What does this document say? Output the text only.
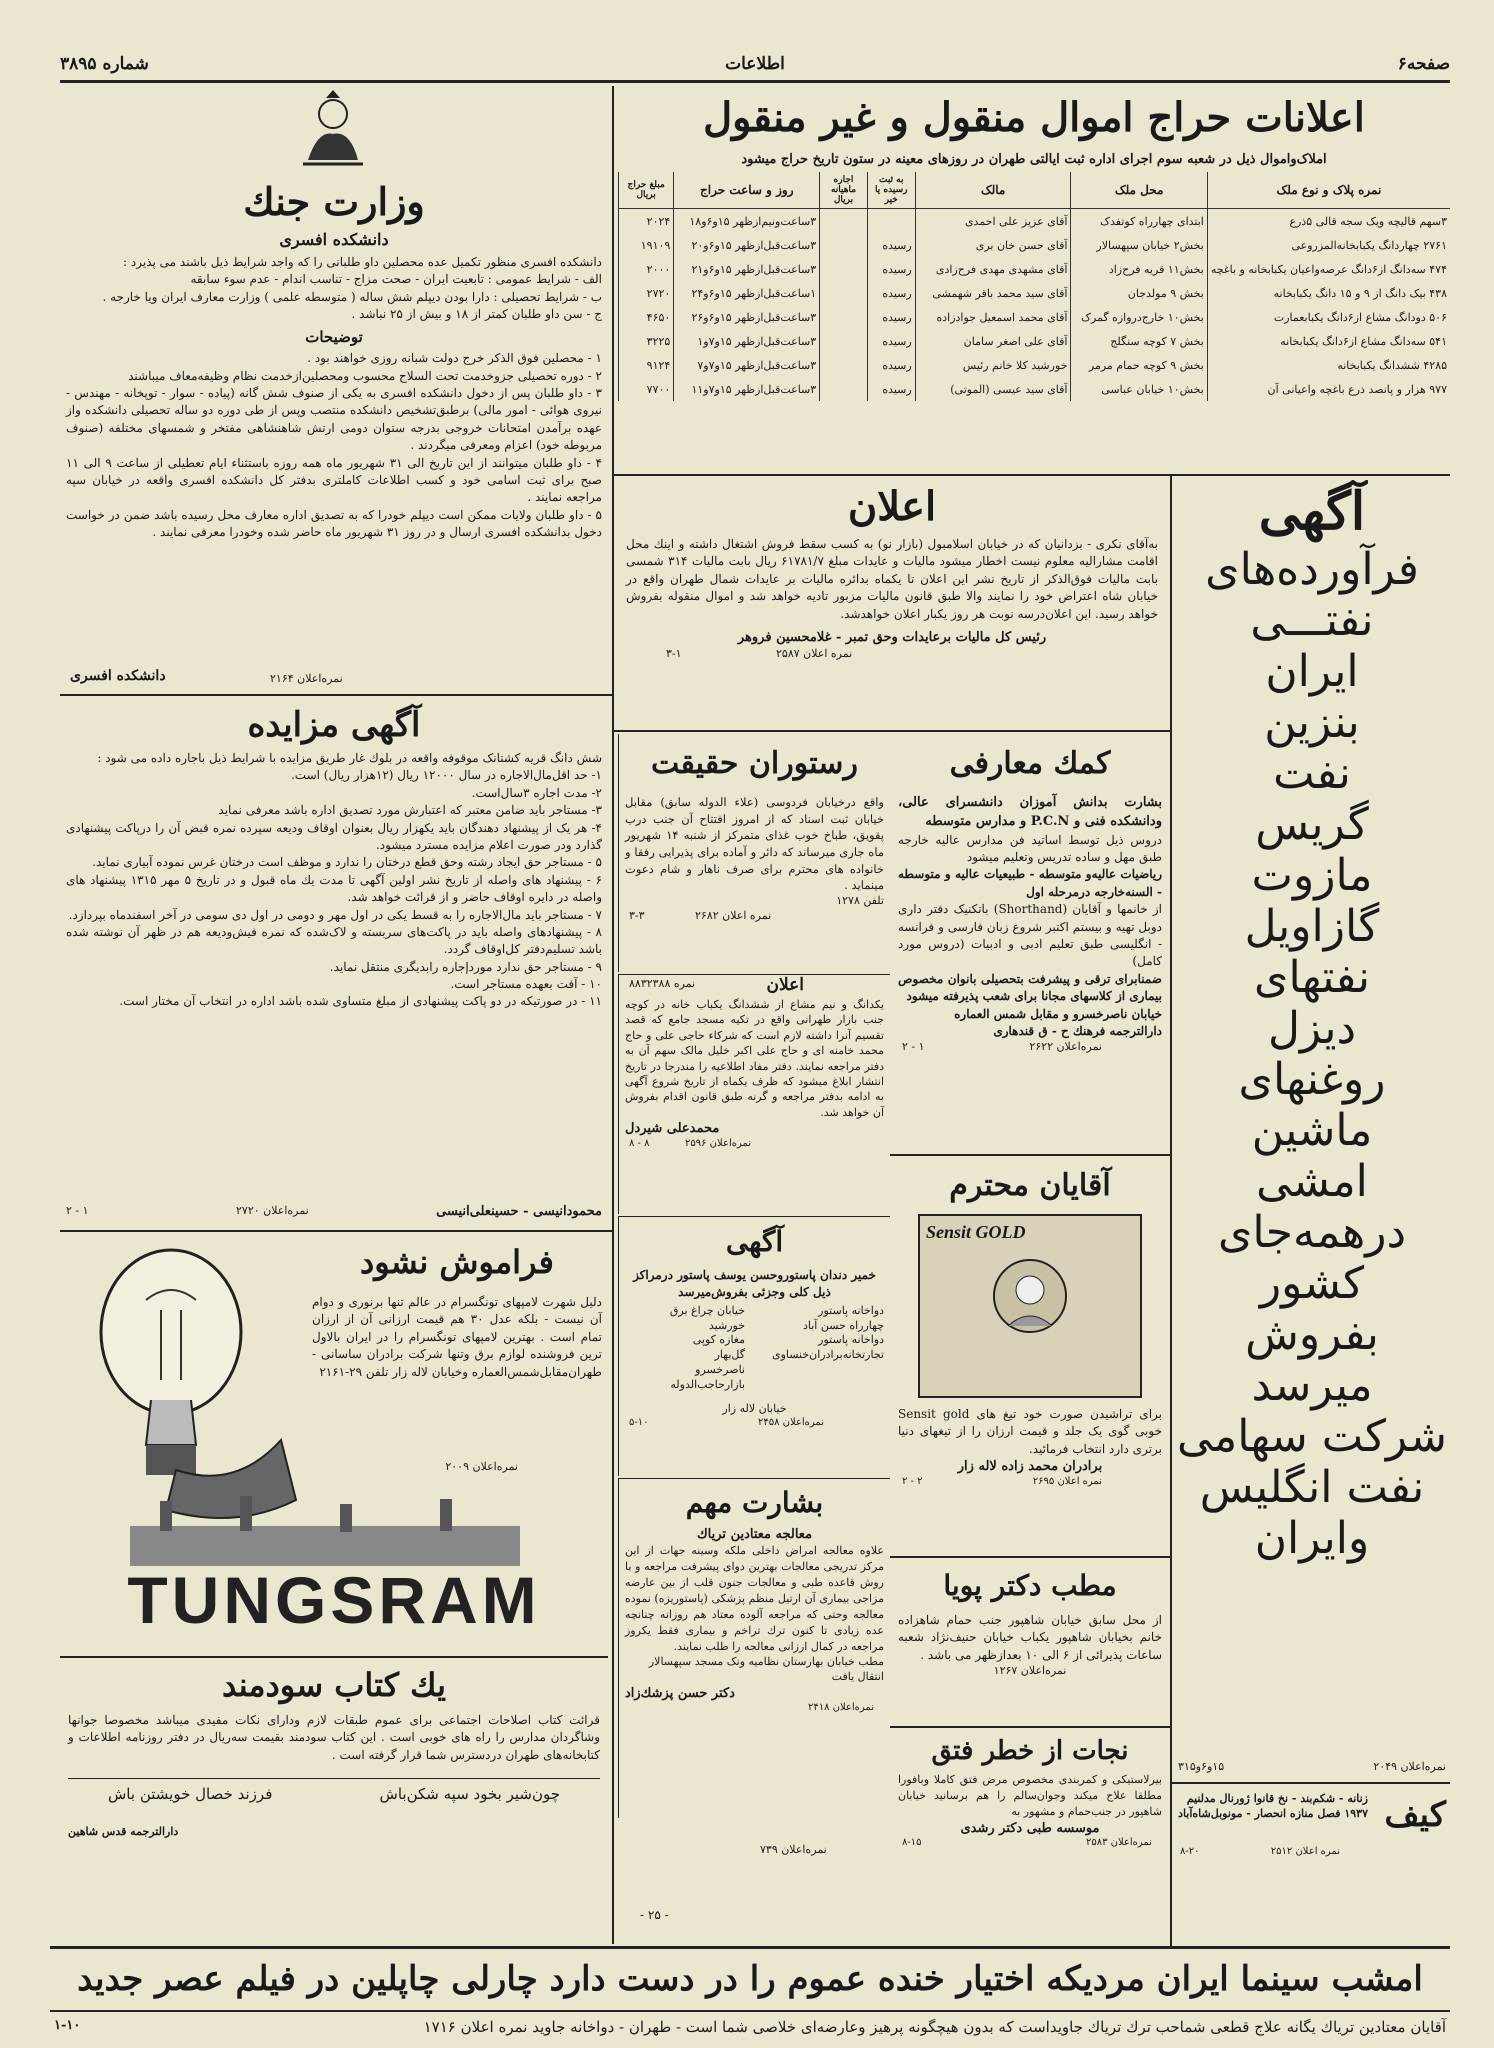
صفحه۶
اطلاعات
شماره ۳۸۹۵
اعلانات حراج اموال منقول و غیر منقول
املاک‌واموال ذیل در شعبه سوم اجرای اداره ثبت ایالتی طهران در روزهای معینه در ستون تاریخ حراج میشود
نمره پلاک و نوع ملک	محل ملک	مالک	به ثبت رسیده یا خیر	اجاره ماهیانه بریال	روز و ساعت حراج	مبلغ حراج بریال
۳سهم قالیچه ویک سجه قالی ۵ذرع	ابتدای چهارراه کوتفدک	آقای عزیز علی احمدی			۳ساعت‌ونیم‌ازظهر ۱۵و۶و۱۸	۲۰۲۴
۲۷۶۱ چهاردانگ یکبابخانه‌المزروعی	بخش۲ خیابان سپهسالار	آقای حسن خان بری	رسیده		۳ساعت‌قبل‌ازظهر ۱۵و۶و۲۰	۱۹۱۰۹
۴۷۴ سه‌دانگ از۶دانگ عرصه‌واعیان یکبابخانه و باغچه	بخش۱۱ قریه فرح‌زاد	آقای مشهدی مهدی فرح‌زادی	رسیده		۳ساعت‌قبل‌ازظهر ۱۵و۶و۲۱	۲۰۰۰
۴۳۸ بیک دانگ از ۹ و ۱۵ دانگ یکبابخانه	بخش ۹ مولدجان	آقای سید محمد باقر شهمشی	رسیده		۱ساعت‌قبل‌ازظهر ۱۵و۶و۲۴	۲۷۲۰
۵۰۶ دودانگ مشاع از۶دانگ یکبابعمارت	بخش۱۰ خارج‌دروازه گمرک	آقای محمد اسمعیل جوادزاده	رسیده		۳ساعت‌قبل‌ازظهر ۱۵و۶و۲۶	۴۶۵۰
۵۴۱ سه‌دانگ مشاع از۶دانگ یکبابخانه	بخش ۷ کوچه سنگلج	آقای علی اصغر سامان	رسیده		۳ساعت‌قبل‌ازظهر ۱۵و۷و۱	۳۲۲۵
۴۲۸۵ ششدانگ یکبابخانه	بخش ۹ کوچه حمام مرمر	خورشید کلا خانم رئیس	رسیده		۳ساعت‌قبل‌ازظهر ۱۵و۷و۷	۹۱۲۴
۹۷۷ هزار و پانصد ذرع باغچه واعیانی آن	بخش۱۰ خیابان عباسی	آقای سید عیسی (الموتی)	رسیده		۳ساعت‌قبل‌ازظهر ۱۵و۷و۱۱	۷۷۰۰
وزارت جنك
دانشکده افسری

دانشکده افسری منظور تکمیل عده محصلین داو طلبانی را که واجد شرایط ذیل باشند می پذیرد :

الف - شرایط عمومی : تابعیت ایران - صحت مزاج - تناسب اندام - عدم سوء سابقه

ب - شرایط تحصیلی : دارا بودن دیپلم شش ساله ( متوسطه علمی ) وزارت معارف ایران ویا خارجه .

ج - سن داو طلبان کمتر از ۱۸ و بیش از ۲۵ نباشد .

توضیحات

۱ - محصلین فوق الذکر خرج دولت شبانه روزی خواهند بود .

۲ - دوره تحصیلی جزوخدمت تحت السلاح محسوب ومحصلین‌ازخدمت نظام وظیفه‌معاف میباشند

۳ - داو طلبان پس از دخول دانشکده افسری به یکی از صنوف شش گانه (پیاده - سوار - توپخانه - مهندس - نیروی هوائی - امور مالی) برطبق‌تشخیص دانشکده منتصب وپس از طی دوره دو ساله تحصیلی دانشکده واز عهده برآمدن امتحانات خروجی بدرجه ستوان دومی ارتش شاهنشاهی مفتخر و شمسهای مختلفه (صنوف مربوطه خود) اعزام ومعرفی میگردند .

۴ - داو طلبان میتوانند از این تاریخ الی ۳۱ شهریور ماه همه روزه باستثناء ایام تعطیلی از ساعت ۹ الی ۱۱ صبح برای ثبت اسامی خود و کسب اطلاعات کاملتری بدفتر کل دانشکده افسری واقعه در خیابان سپه مراجعه نمایند .

۵ - داو طلبان ولایات ممکن است دیپلم خودرا که به تصدیق اداره معارف محل رسیده باشد ضمن در خواست دخول بدانشکده افسری ارسال و در روز ۳۱ شهریور ماه حاضر شده وخودرا معرفی نمایند .

نمره‌اعلان ۲۱۶۴
دانشکده افسری
آگهی مزایده

شش دانگ قریه کشتانک موقوفه واقعه در بلوك غار طریق مزایده با شرایط ذیل باجاره داده می شود :

۱- حد اقل‌مال‌الاجاره در سال ۱۲۰۰۰ ریال (۱۲هزار ریال) است.

۲- مدت اجاره ۳سال‌است.

۳- مستاجر باید ضامن معتبر که اعتبارش مورد تصدیق اداره باشد معرفی نماید

۴- هر یک از پیشنهاد دهندگان باید یکهزار ریال بعنوان اوقاف ودیعه سپرده نمره قبض آن را درپاکت پیشنهادی گذارد ودر صورت اعلام مزایده مسترد میشود.

۵ - مستاجر حق ایجاد رشته وحق قطع درختان را ندارد و موظف است درختان غرس نموده آبیاری نماید.

۶ - پیشنهاد های واصله از تاریخ نشر اولین آگهی تا مدت یك ماه قبول و در تاریخ ۵ مهر ۱۳۱۵ پیشنهاد های واصله در دایره اوقاف حاضر و از قرائت خواهد شد.

۷ - مستاجر باید مال‌الاجاره را به قسط یکی در اول مهر و دومی در اول دی سومی در آخر اسفندماه بپردازد.

۸ - پیشنهادهای واصله باید در پاکت‌های سربسته و لاک‌شده که نمره فیش‌ودیعه هم در ظهر آن نوشته شده باشد تسلیم‌دفتر کل‌اوقاف گردد.

۹ - مستاجر حق ندارد موردإجاره رابدیگری منتقل نماید.

۱۰ - آفت بعهده مستاجر است.

۱۱ - در صورتیکه در دو پاکت پیشنهادی از مبلغ متساوی شده باشد اداره در انتخاب آن مختار است.

۱ - ۲	نمره‌اعلان ۲۷۲۰	محمودانیسی - حسینعلی‌انیسی
فراموش نشود

دلیل شهرت لامپهای تونگسرام در عالم تنها برنوری و دوام آن نیست - بلکه عدل ۳۰ هم قیمت ارزانی آن از ارزان تمام است . بهترین لامپهای تونگسرام را در ایران بالاول ترین فروشنده لوازم برق وتنها شرکت برادران ساسانی - طهران‌مقابل‌شمس‌العماره وخیابان لاله زار تلفن ۲۹-۲۱۶۱

نمره‌اعلان ۲۰۰۹
TUNGSRAM
يك كتاب سودمند

قرائت کتاب اصلاحات اجتماعی برای عموم طبقات لازم ودارای نکات مفیدی میباشد مخصوصا جوانها وشاگردان مدارس را راه های خوبی است . این کتاب سودمند بقیمت سه‌ریال در دفتر روزنامه اطلاعات و کتابخانه‌های طهران دردسترس شما قرار گرفته است .

چون‌شیر بخود سپه شکن‌باش
فرزند خصال خویشتن باش

دارالترجمه قدس شاهین

اعلان

به‌آقای نکری - بزدانیان که در خیابان اسلامبول (بازار نو) به کسب سقط فروش اشتغال داشته و اینك محل‌ اقامت مشارالیه معلوم نیست اخطار میشود مالیات و عایدات مبلغ ۶۱۷۸۱/۷ ریال بابت مالیات ۳۱۴ شمسی بابت مالیات فوق‌الذکر از تاریخ نشر این اعلان تا یکماه بدائره مالیات بر عایدات شمال طهران واقع در خیابان شاه اعتراض خود را نمایند والا طبق قانون مالیات مزبور تادیه خواهد شد و اموال منقوله بفروش خواهد رسید. این اعلان‌درسه نوبت هر روز یکبار اعلان خواهدشد.

رئیس کل مالیات برعایدات وحق تمبر - غلامحسین فروهر

نمره اعلان ۲۵۸۷
۳-۱
آگهی

فرآورده‌های

نفتـــی

ایران

بنزین

نفت

گریس

مازوت

گازاویل

نفتهای

دیزل

روغنهای

ماشین

امشی

درهمه‌جای

کشور

بفروش

میرسد

شرکت سهامی

نفت انگلیس

وایران

نمره‌اعلان ۲۰۴۹
۱۵و۶و۳۱۵
کیف

زنانه - شکم‌بند - نخ قانوا ژورنال مدلنیم ۱۹۳۷ فصل منازه‌ انحصار - مونوبل‌شاه‌آباد

نمره اعلان ۲۵۱۲
۸-۲۰
رستوران حقیقت

واقع درخیابان فردوسی (علاء الدوله سابق) مقابل خیابان ثبت اسناد که از امروز افتتاح آن جنب درب پقویق، طباخ خوب‌ غذای متمرکز از شنبه ۱۴ شهریور ماه جاری میرساند که دائر و آماده برای پذیرایی رفقا و خانواده های محترم برای صرف ناهار و شام دعوت مینماید .

تلفن ۱۲۷۸

نمره اعلان ۲۶۸۲
۳-۳
کمك معارفی

بشارت بدانش آموزان دانشسرای عالی، ودانشکده فنی و P.C.N و مدارس متوسطه

دروس ذیل توسط اساتید فن مدارس عالیه خارجه طبق مهل و ساده تدریس وتعلیم میشود

ریاضیات عالیه‌و متوسطه - طبیعیات عالیه‌ و متوسطه - السنه‌خارجه‌ درمرحله اول

از خانمها و آقایان (Shorthand) باتکنیک دفتر داری دوبل تهیه و بیستم اکتبر شروع زبان فارسی و فرانسه - انگلیسی طبق تعلیم ادبی و ادبیات (دروس مورد کامل)

ضمنابرای ترقی و پیشرفت بتحصیلی بانوان مخصوص بیماری از کلاسهای مجانا برای شعب پذیرفته میشود

خیابان ناصرخسرو و مقابل شمس العماره

دارالترجمه فرهنك ح - ق قندهاری

نمره‌اعلان ۲۶۲۲
۱ - ۲
نمره‌ ۸۸۳۲۳۸۸	اعلان

یکدانگ و نیم مشاع از ششدانگ یکباب خانه در کوچه جنب بازار طهرانی واقع‌ در تکیه مسجد جامع که قصد تقسیم آنرا داشته لازم است که شرکاء حاجی علی و حاج محمد خامنه ای و حاج علی اکبر خلیل مالک سهم آن به دفتر مراجعه نمایند. دفتر مفاد اطلاعیه را مندرجا در تاریخ انتشار ابلاغ میشود که ظرف یکماه از تاریخ شروع آگهی به ادامه بدفتر مراجعه و گرنه طبق قانون اقدام بفروش آن خواهد شد.

محمدعلی شیردل

نمره‌اعلان ۲۵۹۶
۸ - ۸
آقایان محترم
Sensit GOLD

برای تراشیدن صورت خود تیغ های Sensit gold خوبی گوی یک جلد و قیمت ارزان را از تیغهای دنیا برتری دارد انتخاب فرمائید.

برادران محمد زاده لاله زار

نمره اعلان ۲۶۹۵
۲ - ۲
آگهی

خمیر دندان پاستوروحسن یوسف پاستور درمراکز ذیل کلی وجزئی بفروش‌میرسد

دواخانه پاستور

چهارراه حسن آباد

دواخانه پاستور

تجارتخانه‌برادران‌خنساوی

خیابان چراغ برق

خورشید

مغازه کوپی

گل‌بهار

ناصرخسرو

بازارحاجب‌الدوله

خیابان لاله زار

نمره‌اعلان ۲۴۵۸
۵-۱۰
بشارت مهم

معالجه معتادین تریاك

علاوه معالجه امراض داخلی ملکه وسینه جهات از این مرکز تدریجی معالجات بهترین دوای پیشرفت مراجعه و با روش قاعده طبی و معالجات جنون قلب از بین عارضه مزاجی بیماری آن ارتیل منظم پزشکی (پاستوریزه) نموده معالجه وحتی که مراجعه آلوده معتاد هم روزانه چنانچه عده زیادی تا کنون ترك تراخم و بیماری فقط یکروز مراجعه در کمال ارزانی معالجه را طلب نمایند.

مطب خیابان بهارستان نظامیه ونک مسجد سپهسالار انتقال یافت

دکتر حسن پزشك‌زاد

نمره‌اعلان ۲۴۱۸
نمره‌اعلان ۷۳۹
مطب دکتر پویا

از محل سابق خیابان شاهپور جنب حمام شاهزاده خانم‌ بخیابان شاهپور یکباب خیابان حنیف‌نژاد شعبه ساعات پذیرائی از ۶ الی ۱۰ بعدازظهر می باشد .

نمره‌اعلان ۱۲۶۷
نجات از خطر فتق

بیرلاستیکی و کمربندی مخصوص مرض فتق کاملا وبافورا مطلقا علاج میکند وجوان‌سالم را هم برسانید خیابان شاهپور در جنب‌حمام و‌ مشهور به

موسسه طبی دکتر رشدی

نمره‌اعلان ۲۵۸۳
۸-۱۵
- ۲۵ -
امشب سینما ایران مردیکه اختیار خنده عموم را در دست دارد چارلی چاپلین در فیلم عصر جدید
آقایان معتادین تریاك یگانه علاج قطعی شماحب ترك تریاك جاویداست که بدون هیچگونه پرهیز وعارضه‌ای خلاصی شما است - طهران - دواخانه جاوید نمره اعلان ۱۷۱۶
۱-۱۰
